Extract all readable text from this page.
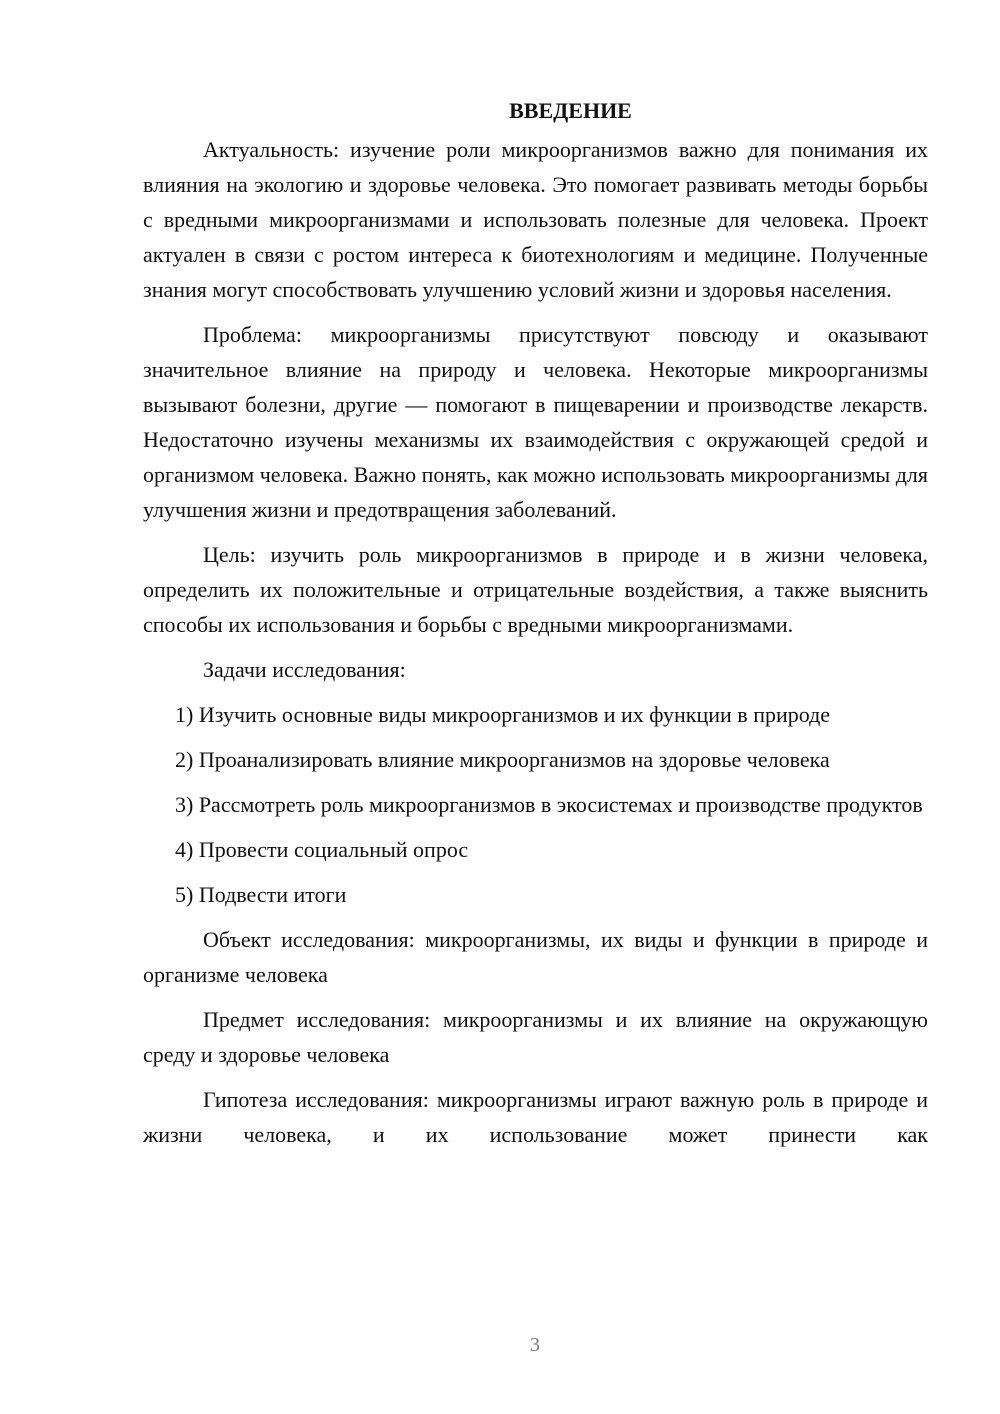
ВВЕДЕНИЕ

Актуальность: изучение роли микроорганизмов важно для понимания их влияния на экологию и здоровье человека. Это помогает развивать методы борьбы с вредными микроорганизмами и использовать полезные для человека. Проект актуален в связи с ростом интереса к биотехнологиям и медицине. Полученные знания могут способствовать улучшению условий жизни и здоровья населения.

Проблема: микроорганизмы присутствуют повсюду и оказывают значительное влияние на природу и человека. Некоторые микроорганизмы вызывают болезни, другие — помогают в пищеварении и производстве лекарств. Недостаточно изучены механизмы их взаимодействия с окружающей средой и организмом человека. Важно понять, как можно использовать микроорганизмы для улучшения жизни и предотвращения заболеваний.

Цель: изучить роль микроорганизмов в природе и в жизни человека, определить их положительные и отрицательные воздействия, а также выяснить способы их использования и борьбы с вредными микроорганизмами.

Задачи исследования:

1) Изучить основные виды микроорганизмов и их функции в природе

2) Проанализировать влияние микроорганизмов на здоровье человека

3) Рассмотреть роль микроорганизмов в экосистемах и производстве продуктов

4) Провести социальный опрос

5) Подвести итоги

Объект исследования: микроорганизмы, их виды и функции в природе и организме человека

Предмет исследования: микроорганизмы и их влияние на окружающую среду и здоровье человека

Гипотеза исследования: микроорганизмы играют важную роль в природе и жизни человека, и их использование может принести как

3
